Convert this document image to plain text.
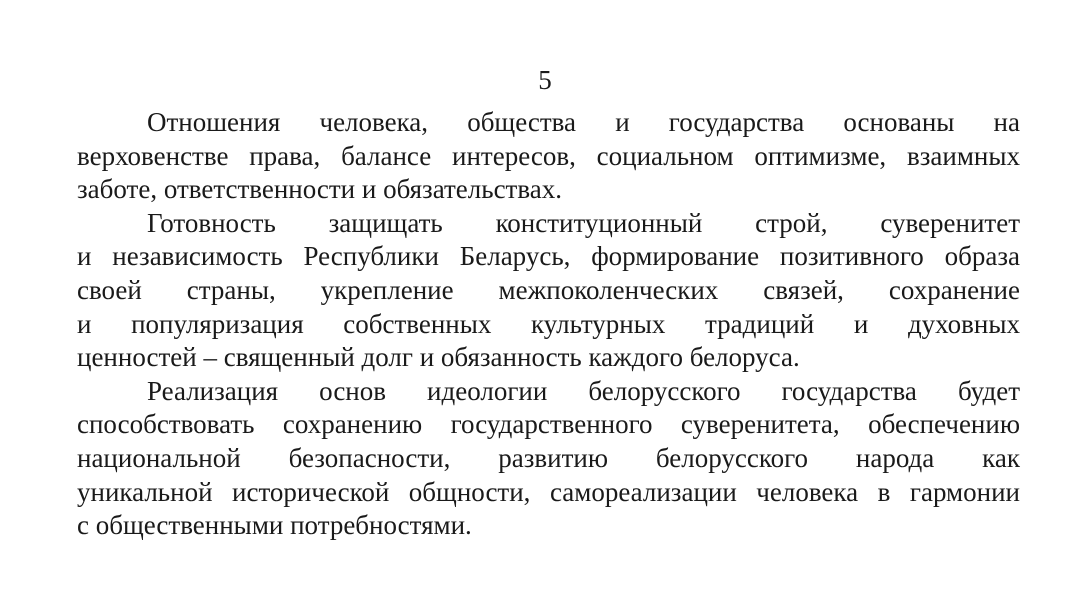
5
Отношения человека, общества и государства основаны на
верховенстве права, балансе интересов, социальном оптимизме, взаимных
заботе, ответственности и обязательствах.
Готовность защищать конституционный строй, суверенитет
и независимость Республики Беларусь, формирование позитивного образа
своей страны, укрепление межпоколенческих связей, сохранение
и популяризация собственных культурных традиций и духовных
ценностей – священный долг и обязанность каждого белоруса.
Реализация основ идеологии белорусского государства будет
способствовать сохранению государственного суверенитета, обеспечению
национальной безопасности, развитию белорусского народа как
уникальной исторической общности, самореализации человека в гармонии
с общественными потребностями.
